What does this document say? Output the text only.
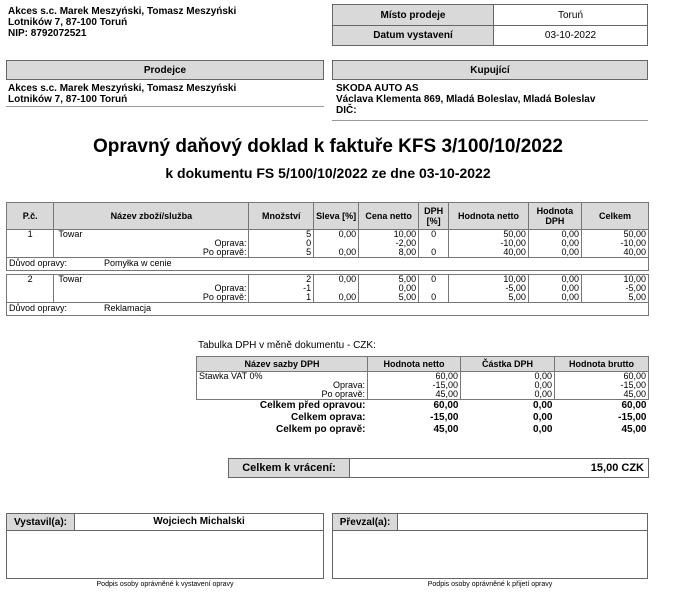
Akces s.c. Marek Meszyński, Tomasz Meszyński
Lotników 7, 87-100 Toruń
NIP: 8792072521
Místo prodeje	Toruń
Datum vystavení	03-10-2022
Prodejce
Akces s.c. Marek Meszyński, Tomasz Meszyński
Lotników 7, 87-100 Toruń
Kupující
SKODA AUTO AS
Václava Klementa 869, Mladá Boleslav, Mladá Boleslav
DIČ:
Opravný daňový doklad k faktuře KFS 3/100/10/2022
k dokumentu FS 5/100/10/2022 ze dne 03-10-2022
P.č.	Název zboží/služba	Množství	Sleva [%]	Cena netto	DPH [%]	Hodnota netto	Hodnota DPH	Celkem
1	Towar	5	0,00	10,00	0	50,00	0,00	50,00
	Oprava:	0		-2,00		-10,00	0,00	-10,00
	Po opravě:	5	0,00	8,00	0	40,00	0,00	40,00
Důvod opravy: Pomyłka w cenie								

2	Towar	2	0,00	5,00	0	10,00	0,00	10,00
	Oprava:	-1		0,00		-5,00	0,00	-5,00
	Po opravě:	1	0,00	5,00	0	5,00	0,00	5,00
Důvod opravy: Reklamacja								
Tabulka DPH v měně dokumentu - CZK:
Název sazby DPH	Hodnota netto	Částka DPH	Hodnota brutto
Stawka VAT 0%	60,00	0,00	60,00
Oprava:	-15,00	0,00	-15,00
Po opravě:	45,00	0,00	45,00
Celkem před opravou:	60,00	0,00	60,00
Celkem oprava:	-15,00	0,00	-15,00
Celkem po opravě:	45,00	0,00	45,00
Celkem k vrácení:	15,00 CZK
Vystavil(a):	Wojciech Michalski
Podpis osoby oprávněné k vystavení opravy
Převzal(a):
Podpis osoby oprávněné k přijetí opravy
